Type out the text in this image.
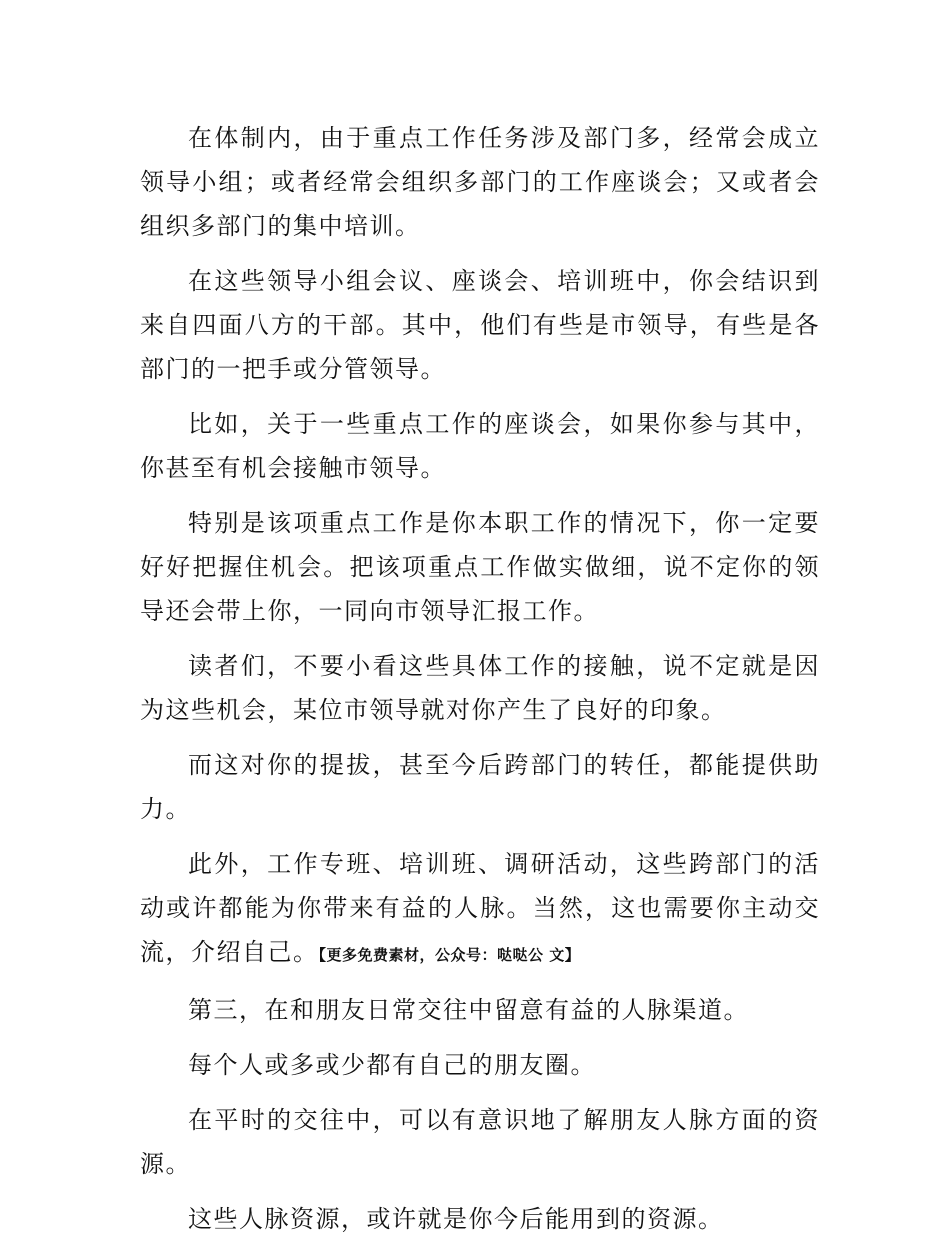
在体制内，由于重点工作任务涉及部门多，经常会成立领导小组；或者经常会组织多部门的工作座谈会；又或者会组织多部门的集中培训。

在这些领导小组会议、座谈会、培训班中，你会结识到来自四面八方的干部。其中，他们有些是市领导，有些是各部门的一把手或分管领导。

比如，关于一些重点工作的座谈会，如果你参与其中，你甚至有机会接触市领导。

特别是该项重点工作是你本职工作的情况下，你一定要好好把握住机会。把该项重点工作做实做细，说不定你的领导还会带上你，一同向市领导汇报工作。

读者们，不要小看这些具体工作的接触，说不定就是因为这些机会，某位市领导就对你产生了良好的印象。

而这对你的提拔，甚至今后跨部门的转任，都能提供助力。

此外，工作专班、培训班、调研活动，这些跨部门的活动或许都能为你带来有益的人脉。当然，这也需要你主动交流，介绍自己。【更多免费素材，公众号：哒哒公 文】

第三，在和朋友日常交往中留意有益的人脉渠道。

每个人或多或少都有自己的朋友圈。

在平时的交往中，可以有意识地了解朋友人脉方面的资源。

这些人脉资源，或许就是你今后能用到的资源。
